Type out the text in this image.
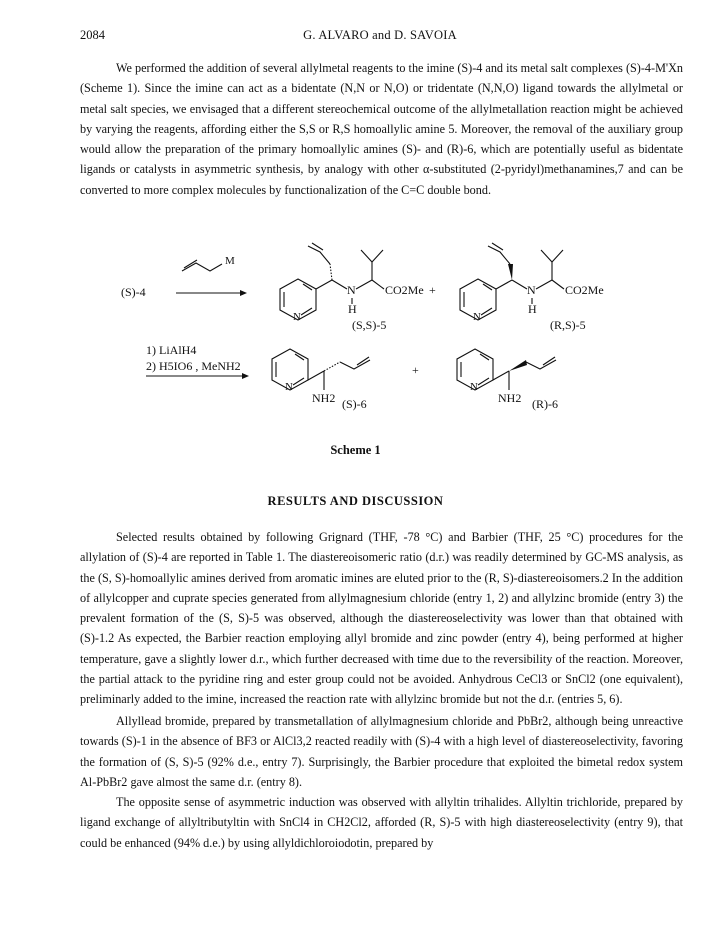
2084	G. ALVARO and D. SAVOIA

We performed the addition of several allylmetal reagents to the imine (S)-4 and its metal salt complexes (S)-4-M'Xn (Scheme 1). Since the imine can act as a bidentate (N,N or N,O) or tridentate (N,N,O) ligand towards the allylmetal or metal salt species, we envisaged that a different stereochemical outcome of the allylmetallation reaction might be achieved by varying the reagents, affording either the S,S or R,S homoallylic amine 5. Moreover, the removal of the auxiliary group would allow the preparation of the primary homoallylic amines (S)- and (R)-6, which are potentially useful as bidentate ligands or catalysts in asymmetric synthesis, by analogy with other α-substituted (2-pyridyl)methanamines,7 and can be converted to more complex molecules by functionalization of the C=C double bond.

(S)-4
M
N
H
CO2Me
N
(S,S)-5
+	N
H
CO2Me
N
(R,S)-5
1) LiAlH4
2) H5IO6 , MeNH2
N
NH2 (S)-6
+
N
NH2 (R)-6
Scheme 1
RESULTS AND DISCUSSION

Selected results obtained by following Grignard (THF, -78 °C) and Barbier (THF, 25 °C) procedures for the allylation of (S)-4 are reported in Table 1. The diastereoisomeric ratio (d.r.) was readily determined by GC-MS analysis, as the (S, S)-homoallylic amines derived from aromatic imines are eluted prior to the (R, S)-diastereoisomers.2 In the addition of allylcopper and cuprate species generated from allylmagnesium chloride (entry 1, 2) and allylzinc bromide (entry 3) the prevalent formation of the (S, S)-5 was observed, although the diastereoselectivity was lower than that obtained with (S)-1.2 As expected, the Barbier reaction employing allyl bromide and zinc powder (entry 4), being performed at higher temperature, gave a slightly lower d.r., which further decreased with time due to the reversibility of the reaction. Moreover, the partial attack to the pyridine ring and ester group could not be avoided. Anhydrous CeCl3 or SnCl2 (one equivalent), preliminarly added to the imine, increased the reaction rate with allylzinc bromide but not the d.r. (entries 5, 6).

Allyllead bromide, prepared by transmetallation of allylmagnesium chloride and PbBr2, although being unreactive towards (S)-1 in the absence of BF3 or AlCl3,2 reacted readily with (S)-4 with a high level of diastereoselectivity, favoring the formation of (S, S)-5 (92% d.e., entry 7). Surprisingly, the Barbier procedure that exploited the bimetal redox system Al-PbBr2 gave almost the same d.r. (entry 8).

The opposite sense of asymmetric induction was observed with allyltin trihalides. Allyltin trichloride, prepared by ligand exchange of allyltributyltin with SnCl4 in CH2Cl2, afforded (R, S)-5 with high diastereoselectivity (entry 9), that could be enhanced (94% d.e.) by using allyldichloroiodotin, prepared by
